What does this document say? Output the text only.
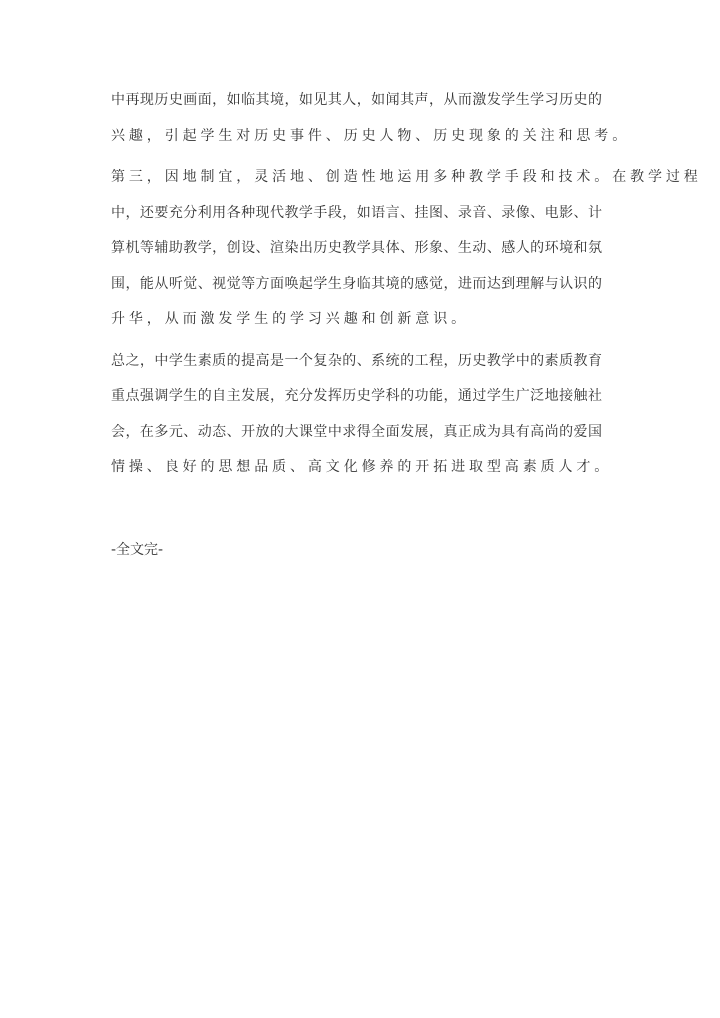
中再现历史画面，如临其境，如见其人，如闻其声，从而激发学生学习历史的
兴趣，引起学生对历史事件、历史人物、历史现象的关注和思考。
第三，因地制宜，灵活地、创造性地运用多种教学手段和技术。在教学过程
中，还要充分利用各种现代教学手段，如语言、挂图、录音、录像、电影、计
算机等辅助教学，创设、渲染出历史教学具体、形象、生动、感人的环境和氛
围，能从听觉、视觉等方面唤起学生身临其境的感觉，进而达到理解与认识的
升华，从而激发学生的学习兴趣和创新意识。
总之，中学生素质的提高是一个复杂的、系统的工程，历史教学中的素质教育
重点强调学生的自主发展，充分发挥历史学科的功能，通过学生广泛地接触社
会，在多元、动态、开放的大课堂中求得全面发展，真正成为具有高尚的爱国
情操、良好的思想品质、高文化修养的开拓进取型高素质人才。
-全文完-
